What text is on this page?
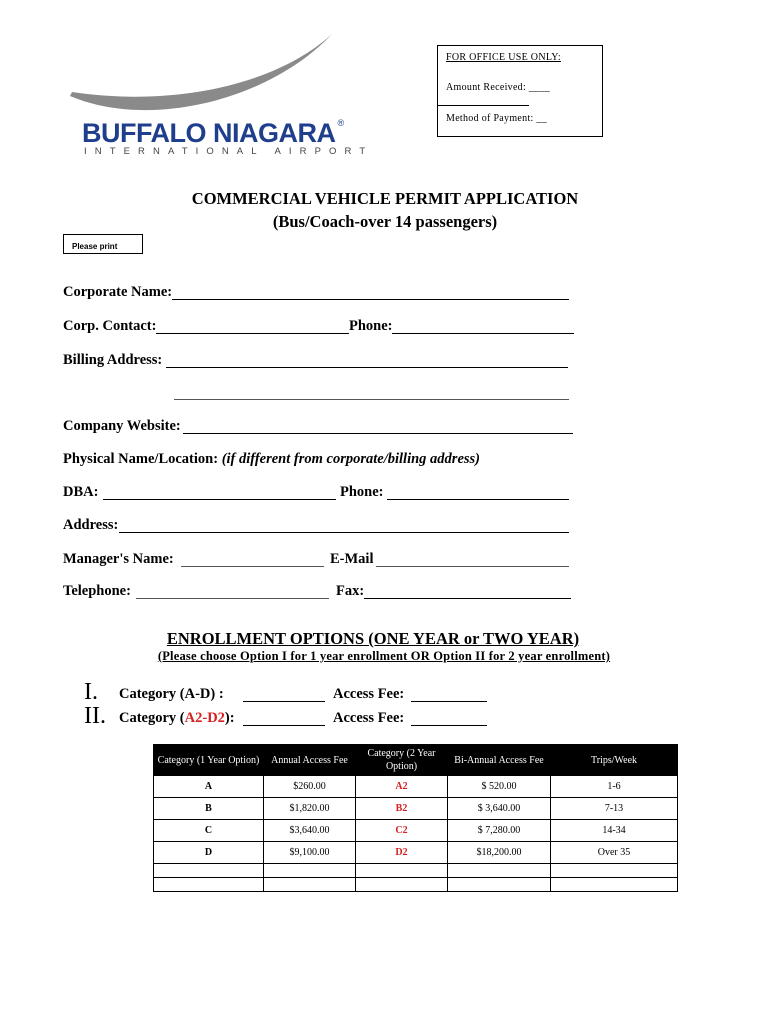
BUFFALO NIAGARA ®
INTERNATIONAL AIRPORT
FOR OFFICE USE ONLY:
Amount Received: ____
Method of Payment: __
COMMERCIAL VEHICLE PERMIT APPLICATION
(Bus/Coach-over 14 passengers)
Please print
Corporate Name:
Corp. Contact:	Phone:
Billing Address:
Company Website:
Physical Name/Location: (if different from corporate/billing address)
DBA:	Phone:
Address:
Manager's Name:	E-Mail
Telephone:	Fax:
ENROLLMENT OPTIONS (ONE YEAR or TWO YEAR)
(Please choose Option I for 1 year enrollment OR Option II for 2 year enrollment)
I. Category (A-D) :	Access Fee:
II. Category (A2-D2):	Access Fee:
Category (1 Year Option)	Annual Access Fee	Category (2 Year Option)	Bi-Annual Access Fee	Trips/Week
A	$260.00	A2	$ 520.00	1-6
B	$1,820.00	B2	$ 3,640.00	7-13
C	$3,640.00	C2	$ 7,280.00	14-34
D	$9,100.00	D2	$18,200.00	Over 35
